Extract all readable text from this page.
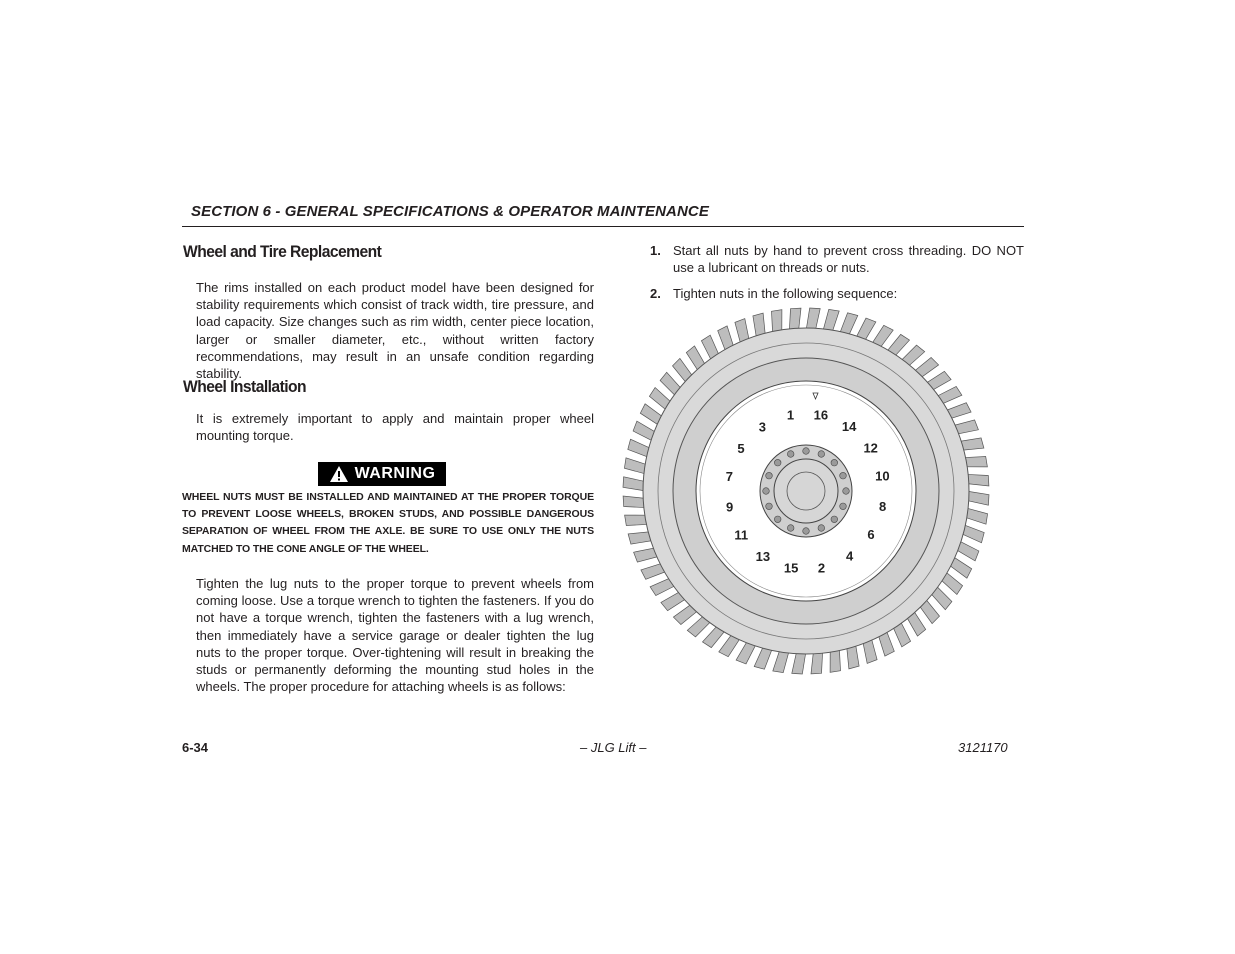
SECTION 6 - GENERAL SPECIFICATIONS & OPERATOR MAINTENANCE
Wheel and Tire Replacement

The rims installed on each product model have been designed for stability requirements which consist of track width, tire pressure, and load capacity. Size changes such as rim width, center piece location, larger or smaller diameter, etc., without written factory recommendations, may result in an unsafe condition regarding stability.

Wheel Installation

It is extremely important to apply and maintain proper wheel mounting torque.

WARNING

WHEEL NUTS MUST BE INSTALLED AND MAINTAINED AT THE PROPER TORQUE TO PREVENT LOOSE WHEELS, BROKEN STUDS, AND POSSIBLE DANGEROUS SEPARATION OF WHEEL FROM THE AXLE. BE SURE TO USE ONLY THE NUTS MATCHED TO THE CONE ANGLE OF THE WHEEL.

Tighten the lug nuts to the proper torque to prevent wheels from coming loose. Use a torque wrench to tighten the fasteners. If you do not have a torque wrench, tighten the fasteners with a lug wrench, then immediately have a service garage or dealer tighten the lug nuts to the proper torque. Over-tightening will result in breaking the studs or permanently deforming the mounting stud holes in the wheels. The proper procedure for attaching wheels is as follows:

1. Start all nuts by hand to prevent cross threading. DO NOT use a lubricant on threads or nuts.
2. Tighten nuts in the following sequence:
1 16
14
12
10
8
6
4
2
15
13
11
9
7
5
3
6-34	– JLG Lift –	3121170
